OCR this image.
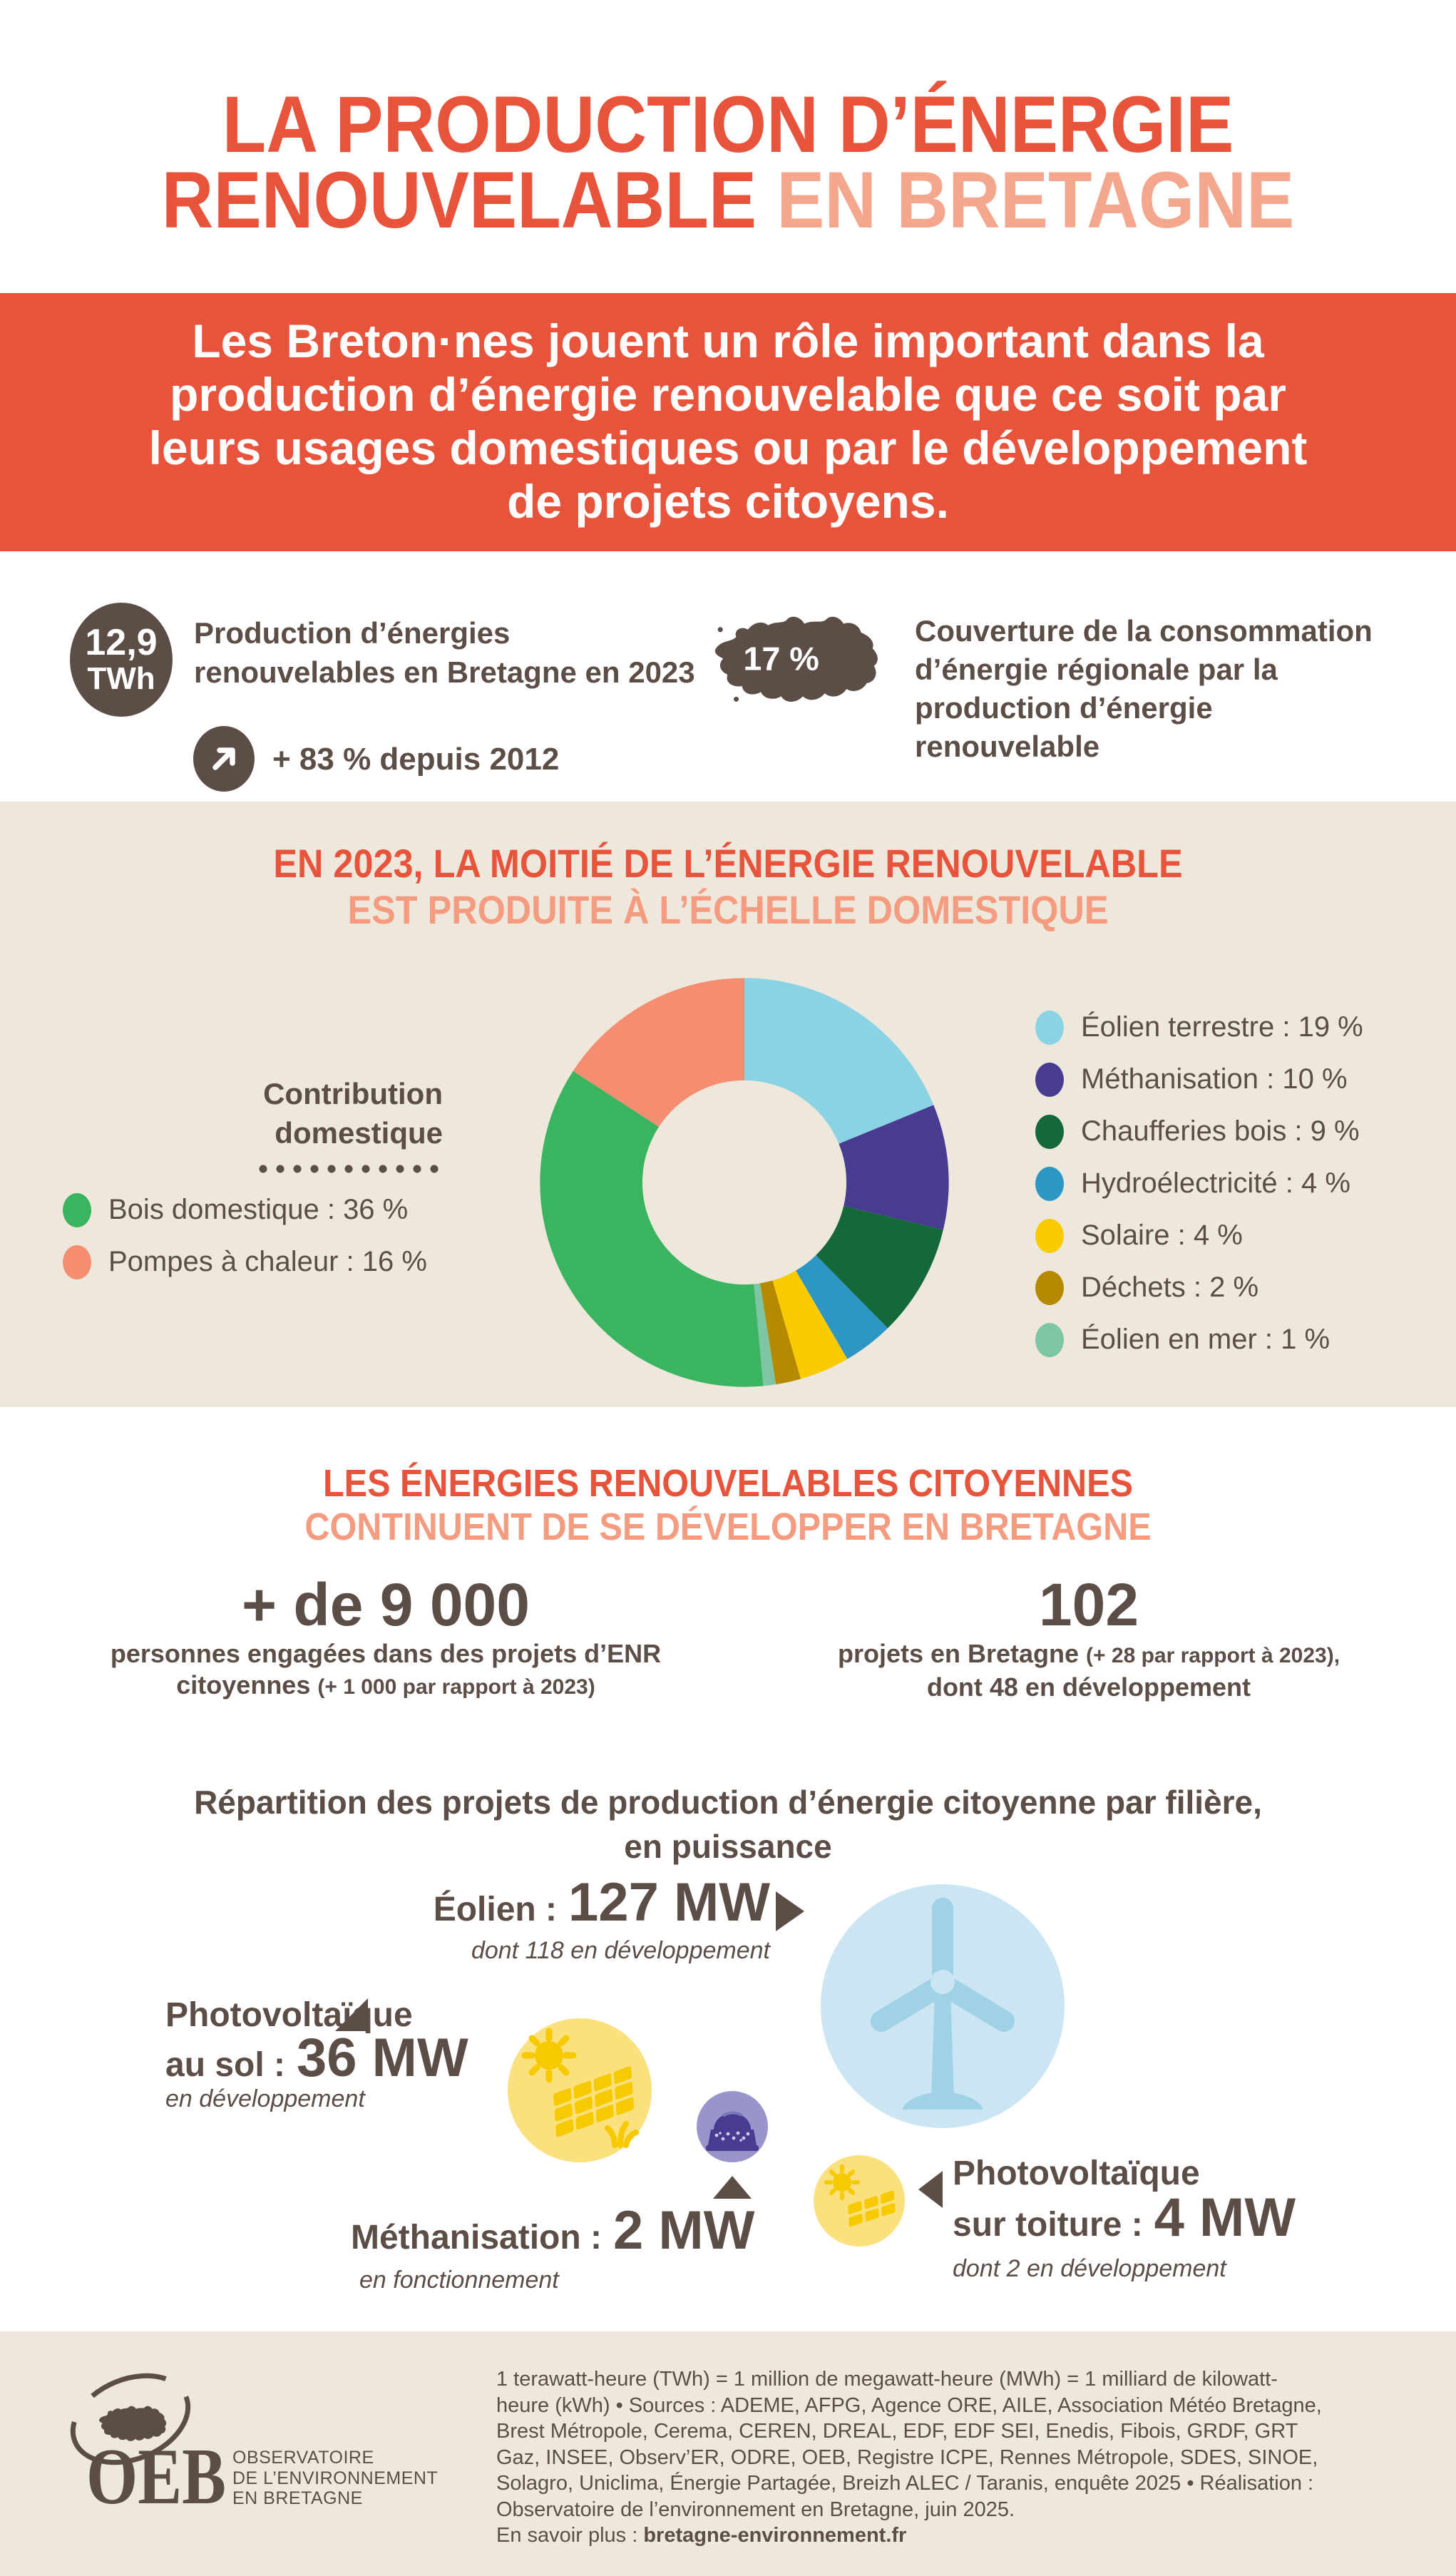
LA PRODUCTION D’ÉNERGIE
RENOUVELABLE EN BRETAGNE
Les Breton·nes jouent un rôle important dans la
production d’énergie renouvelable que ce soit par
leurs usages domestiques ou par le développement
de projets citoyens.
12,9
TWh
Production d’énergies
renouvelables en Bretagne en 2023
+ 83 % depuis 2012
17 %
Couverture de la consommation
d’énergie régionale par la
production d’énergie renouvelable
EN 2023, LA MOITIÉ DE L’ÉNERGIE RENOUVELABLE
EST PRODUITE À L’ÉCHELLE DOMESTIQUE
Contribution
domestique
Bois domestique : 36 %
Pompes à chaleur : 16 %
Éolien terrestre : 19 %
Méthanisation : 10 %
Chaufferies bois : 9 %
Hydroélectricité : 4 %
Solaire : 4 %
Déchets : 2 %
Éolien en mer : 1 %
LES ÉNERGIES RENOUVELABLES CITOYENNES
CONTINUENT DE SE DÉVELOPPER EN BRETAGNE
+ de 9 000
personnes engagées dans des projets d’ENR
citoyennes (+ 1 000 par rapport à 2023)
102
projets en Bretagne (+ 28 par rapport à 2023),
dont 48 en développement
Répartition des projets de production d’énergie citoyenne par filière,
en puissance
Éolien : 127 MW
dont 118 en développement
Photovoltaïque
au sol : 36 MW
en développement
Méthanisation : 2 MW
en fonctionnement
Photovoltaïque
sur toiture : 4 MW
dont 2 en développement
OEB OBSERVATOIRE
DE L’ENVIRONNEMENT
EN BRETAGNE
1 terawatt-heure (TWh) = 1 million de megawatt-heure (MWh) = 1 milliard de kilowatt-
heure (kWh) • Sources : ADEME, AFPG, Agence ORE, AILE, Association Météo Bretagne,
Brest Métropole, Cerema, CEREN, DREAL, EDF, EDF SEI, Enedis, Fibois, GRDF, GRT
Gaz, INSEE, Observ’ER, ODRE, OEB, Registre ICPE, Rennes Métropole, SDES, SINOE,
Solagro, Uniclima, Énergie Partagée, Breizh ALEC / Taranis, enquête 2025 • Réalisation :
Observatoire de l’environnement en Bretagne, juin 2025.
En savoir plus : bretagne-environnement.fr
